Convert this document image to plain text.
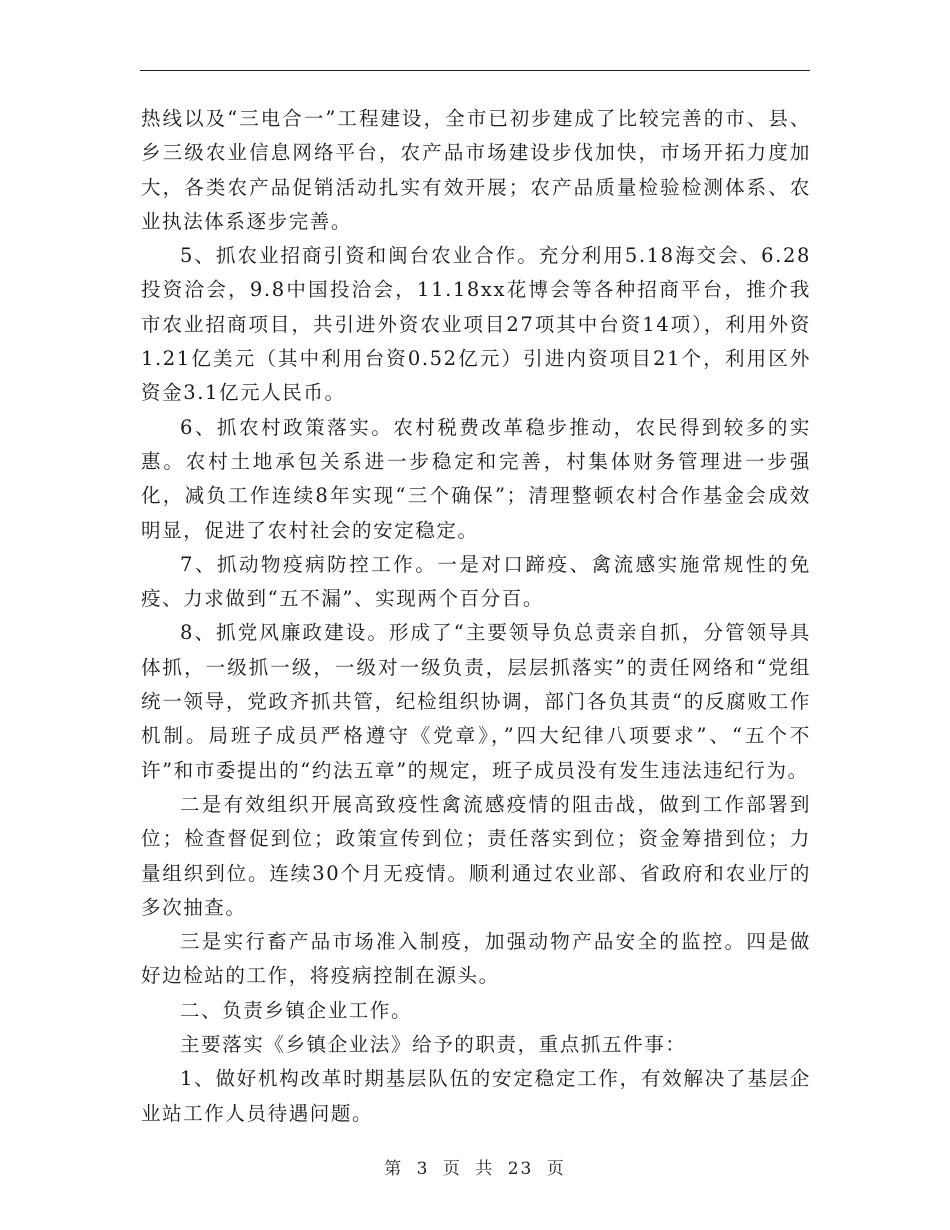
热线以及“三电合一”工程建设，全市已初步建成了比较完善的市、县、乡三级农业信息网络平台，农产品市场建设步伐加快，市场开拓力度加大，各类农产品促销活动扎实有效开展；农产品质量检验检测体系、农业执法体系逐步完善。

5、抓农业招商引资和闽台农业合作。充分利用5.18海交会、6.28投资洽会，9.8中国投洽会，11.18xx花博会等各种招商平台，推介我市农业招商项目，共引进外资农业项目27项其中台资14项），利用外资1.21亿美元（其中利用台资0.52亿元）引进内资项目21个，利用区外资金3.1亿元人民币。

6、抓农村政策落实。农村税费改革稳步推动，农民得到较多的实惠。农村土地承包关系进一步稳定和完善，村集体财务管理进一步强化，减负工作连续8年实现“三个确保”；清理整顿农村合作基金会成效明显，促进了农村社会的安定稳定。

7、抓动物疫病防控工作。一是对口蹄疫、禽流感实施常规性的免疫、力求做到“五不漏”、实现两个百分百。

8、抓党风廉政建设。形成了“主要领导负总责亲自抓，分管领导具体抓，一级抓一级，一级对一级负责，层层抓落实”的责任网络和“党组统一领导，党政齐抓共管，纪检组织协调，部门各负其责“的反腐败工作机制。局班子成员严格遵守《党章》，”四大纪律八项要求”、“五个不许”和市委提出的“约法五章”的规定，班子成员没有发生违法违纪行为。

二是有效组织开展高致疫性禽流感疫情的阻击战，做到工作部署到位；检查督促到位；政策宣传到位；责任落实到位；资金筹措到位；力量组织到位。连续30个月无疫情。顺利通过农业部、省政府和农业厅的多次抽查。

三是实行畜产品市场准入制疫，加强动物产品安全的监控。四是做好边检站的工作，将疫病控制在源头。

二、负责乡镇企业工作。

主要落实《乡镇企业法》给予的职责，重点抓五件事：

1、做好机构改革时期基层队伍的安定稳定工作，有效解决了基层企业站工作人员待遇问题。

第 3 页 共 23 页
